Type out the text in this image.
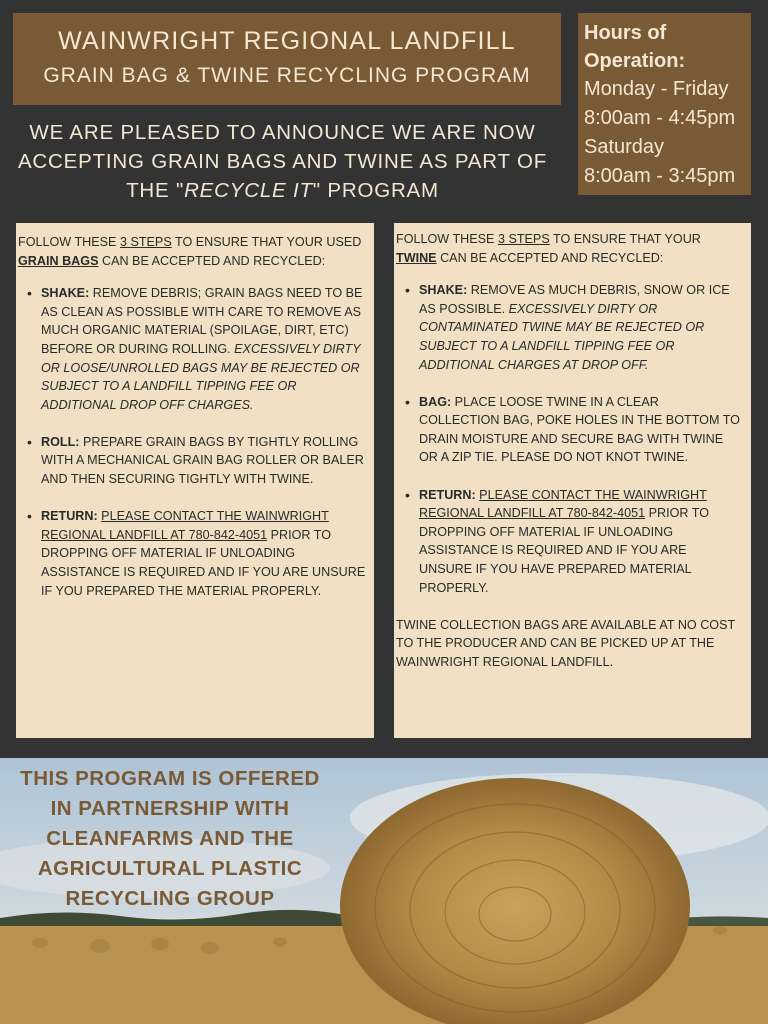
WAINWRIGHT REGIONAL LANDFILL
GRAIN BAG & TWINE RECYCLING PROGRAM
Hours of
Operation:
Monday - Friday
8:00am - 4:45pm
Saturday
8:00am - 3:45pm
WE ARE PLEASED TO ANNOUNCE WE ARE NOW
ACCEPTING GRAIN BAGS AND TWINE AS PART OF
THE "RECYCLE IT" PROGRAM

FOLLOW THESE 3 STEPS TO ENSURE THAT YOUR USED GRAIN BAGS CAN BE ACCEPTED AND RECYCLED:

• SHAKE: REMOVE DEBRIS; GRAIN BAGS NEED TO BE AS CLEAN AS POSSIBLE WITH CARE TO REMOVE AS MUCH ORGANIC MATERIAL (SPOILAGE, DIRT, ETC) BEFORE OR DURING ROLLING. EXCESSIVELY DIRTY OR LOOSE/UNROLLED BAGS MAY BE REJECTED OR SUBJECT TO A LANDFILL TIPPING FEE OR ADDITIONAL DROP OFF CHARGES.
• ROLL: PREPARE GRAIN BAGS BY TIGHTLY ROLLING WITH A MECHANICAL GRAIN BAG ROLLER OR BALER AND THEN SECURING TIGHTLY WITH TWINE.
• RETURN: PLEASE CONTACT THE WAINWRIGHT REGIONAL LANDFILL AT 780-842-4051 PRIOR TO DROPPING OFF MATERIAL IF UNLOADING ASSISTANCE IS REQUIRED AND IF YOU ARE UNSURE IF YOU PREPARED THE MATERIAL PROPERLY.

FOLLOW THESE 3 STEPS TO ENSURE THAT YOUR TWINE CAN BE ACCEPTED AND RECYCLED:

• SHAKE: REMOVE AS MUCH DEBRIS, SNOW OR ICE AS POSSIBLE. EXCESSIVELY DIRTY OR CONTAMINATED TWINE MAY BE REJECTED OR SUBJECT TO A LANDFILL TIPPING FEE OR ADDITIONAL CHARGES AT DROP OFF.
• BAG: PLACE LOOSE TWINE IN A CLEAR COLLECTION BAG, POKE HOLES IN THE BOTTOM TO DRAIN MOISTURE AND SECURE BAG WITH TWINE OR A ZIP TIE. PLEASE DO NOT KNOT TWINE.
• RETURN: PLEASE CONTACT THE WAINWRIGHT REGIONAL LANDFILL AT 780-842-4051 PRIOR TO DROPPING OFF MATERIAL IF UNLOADING ASSISTANCE IS REQUIRED AND IF YOU ARE UNSURE IF YOU HAVE PREPARED MATERIAL PROPERLY.

TWINE COLLECTION BAGS ARE AVAILABLE AT NO COST TO THE PRODUCER AND CAN BE PICKED UP AT THE WAINWRIGHT REGIONAL LANDFILL.

THIS PROGRAM IS OFFERED
IN PARTNERSHIP WITH
CLEANFARMS AND THE
AGRICULTURAL PLASTIC
RECYCLING GROUP
